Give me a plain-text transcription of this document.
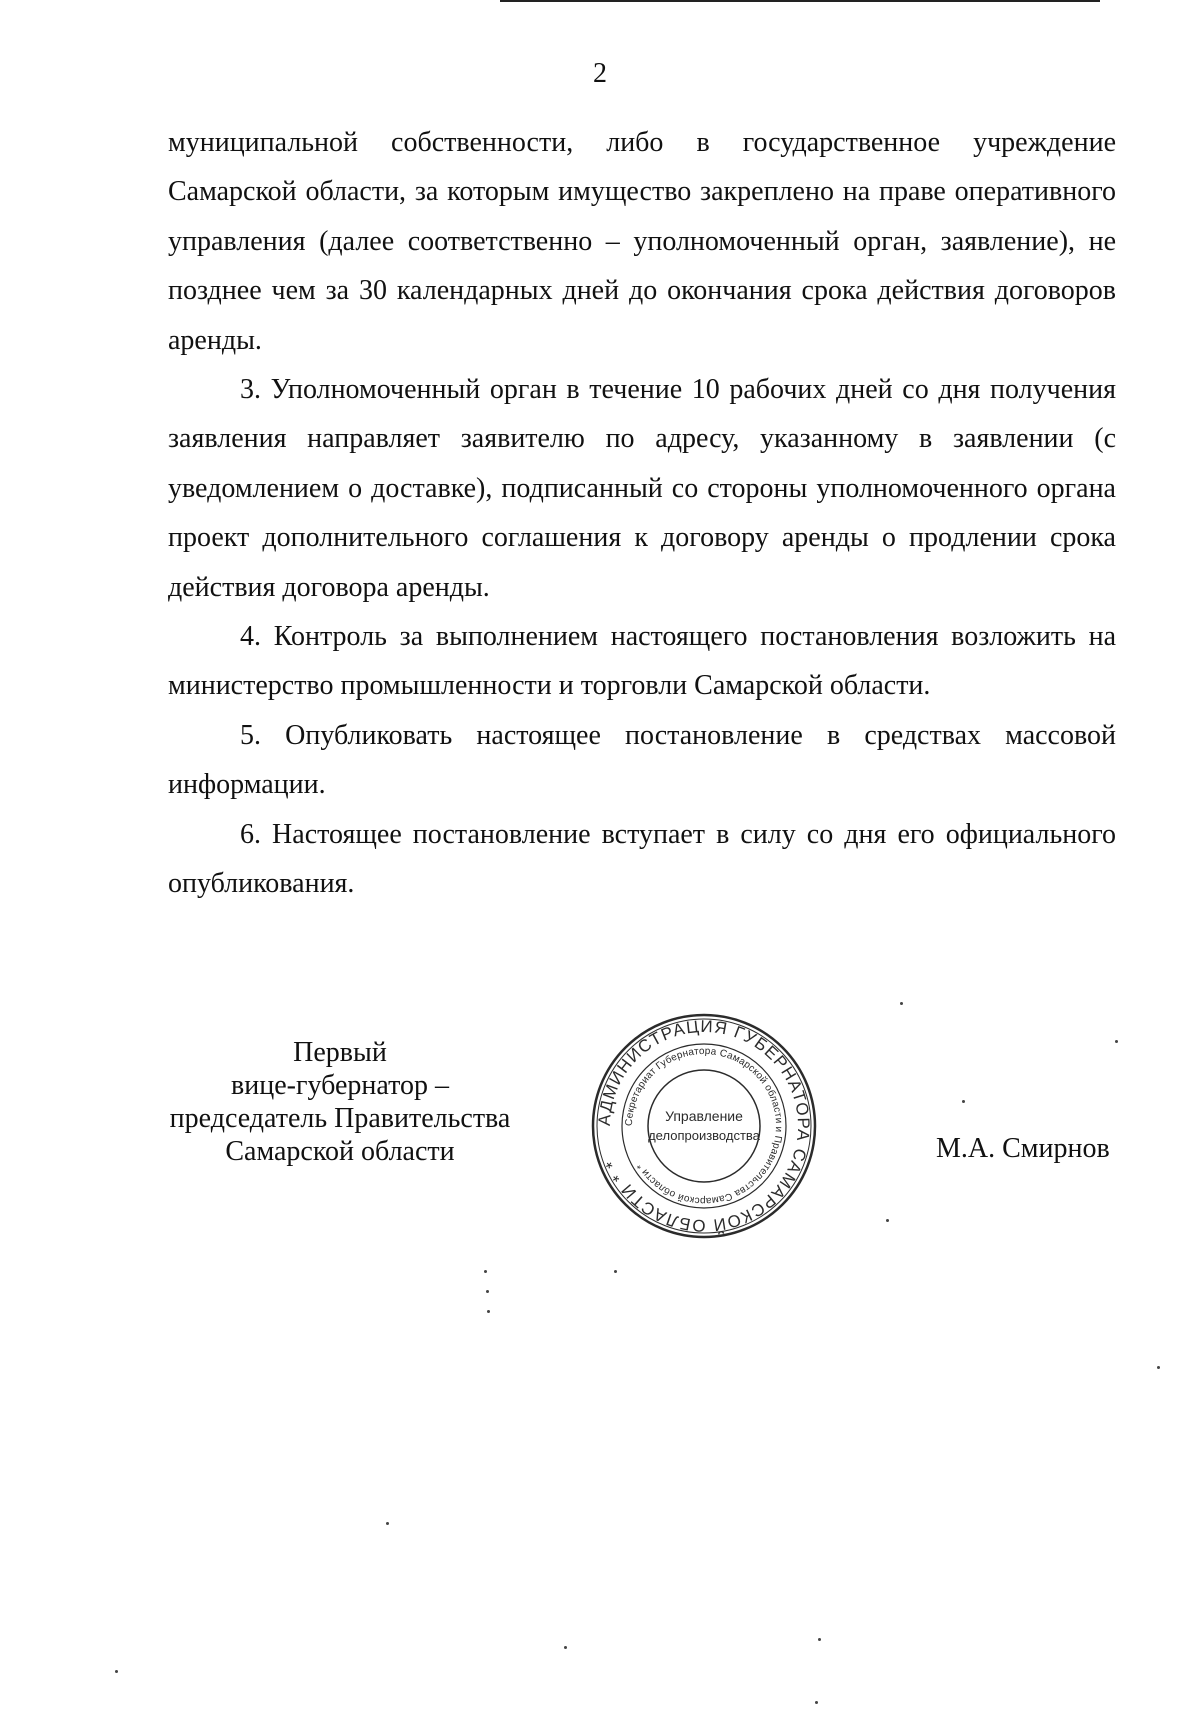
2

муниципальной собственности, либо в государственное учреждение Самарской области, за которым имущество закреплено на праве оперативного управления (далее соответственно – уполномоченный орган, заявление), не позднее чем за 30 календарных дней до окончания срока действия договоров аренды.

3. Уполномоченный орган в течение 10 рабочих дней со дня получения заявления направляет заявителю по адресу, указанному в заявлении (с уведомлением о доставке), подписанный со стороны уполномоченного органа проект дополнительного соглашения к договору аренды о продлении срока действия договора аренды.

4. Контроль за выполнением настоящего постановления возложить на министерство промышленности и торговли Самарской области.

5. Опубликовать настоящее постановление в средствах массовой информации.

6. Настоящее постановление вступает в силу со дня его официального опубликования.

Первый
вице-губернатор –
председатель Правительства
Самарской области
АДМИНИСТРАЦИЯ ГУБЕРНАТОРА САМАРСКОЙ ОБЛАСТИ * *
Секретариат Губернатора Самарской области и Правительства Самарской области *
Управление
делопроизводства	М.А. Смирнов
